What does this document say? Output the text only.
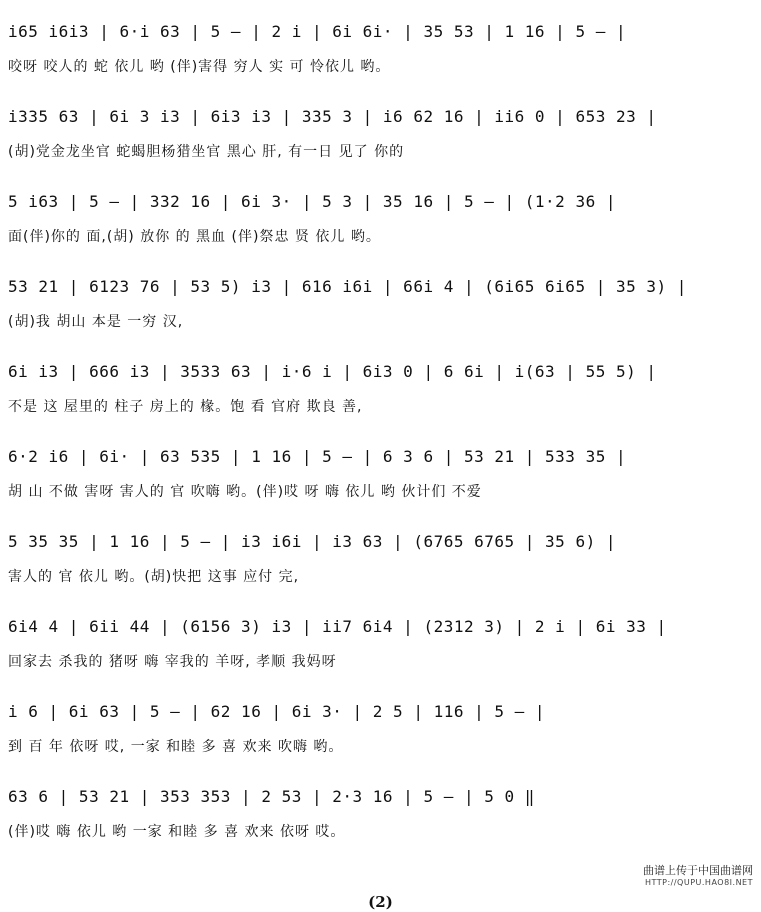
i65 i6i3 | 6·i 63 | 5 – | 2 i | 6i 6i· | 35 53 | 1 16 | 5 – |
咬呀 咬人的 蛇 依儿 哟 (伴)害得 穷人 实 可 怜依儿 哟。
i335 63 | 6i 3 i3 | 6i3 i3 | 335 3 | i6 62 16 | ii6 0 | 653 23 |
(胡)党金龙坐官 蛇蝎胆杨猎坐官 黑心 肝, 有一日 见了 你的
5 i63 | 5 – | 332 16 | 6i 3· | 5 3 | 35 16 | 5 – | (1·2 36 |
面(伴)你的 面,(胡) 放你 的 黑血 (伴)祭忠 贤 依儿 哟。
53 21 | 6123 76 | 53 5) i3 | 616 i6i | 66i 4 | (6i65 6i65 | 35 3) |
(胡)我 胡山 本是 一穷 汉,
6i i3 | 666 i3 | 3533 63 | i·6 i | 6i3 0 | 6 6i | i(63 | 55 5) |
不是 这 屋里的 柱子 房上的 椽。饱 看 官府 欺良 善,
6·2 i6 | 6i· | 63 535 | 1 16 | 5 – | 6 3 6 | 53 21 | 533 35 |
胡 山 不做 害呀 害人的 官 吹嗨 哟。(伴)哎 呀 嗨 依儿 哟 伙计们 不爱
5 35 35 | 1 16 | 5 – | i3 i6i | i3 63 | (6765 6765 | 35 6) |
害人的 官 依儿 哟。(胡)快把 这事 应付 完,
6i4 4 | 6ii 44 | (6156 3) i3 | ii7 6i4 | (2312 3) | 2 i | 6i 33 |
回家去 杀我的 猪呀 嗨 宰我的 羊呀, 孝顺 我妈呀
i 6 | 6i 63 | 5 – | 62 16 | 6i 3· | 2 5 | 116 | 5 – |
到 百 年 依呀 哎, 一家 和睦 多 喜 欢来 吹嗨 哟。
63 6 | 53 21 | 353 353 | 2 53 | 2·3 16 | 5 – | 5 0 ‖
(伴)哎 嗨 依儿 哟 一家 和睦 多 喜 欢来 依呀 哎。
曲谱上传于中国曲谱网
HTTP://QUPU.HAO8I.NET
(2)
